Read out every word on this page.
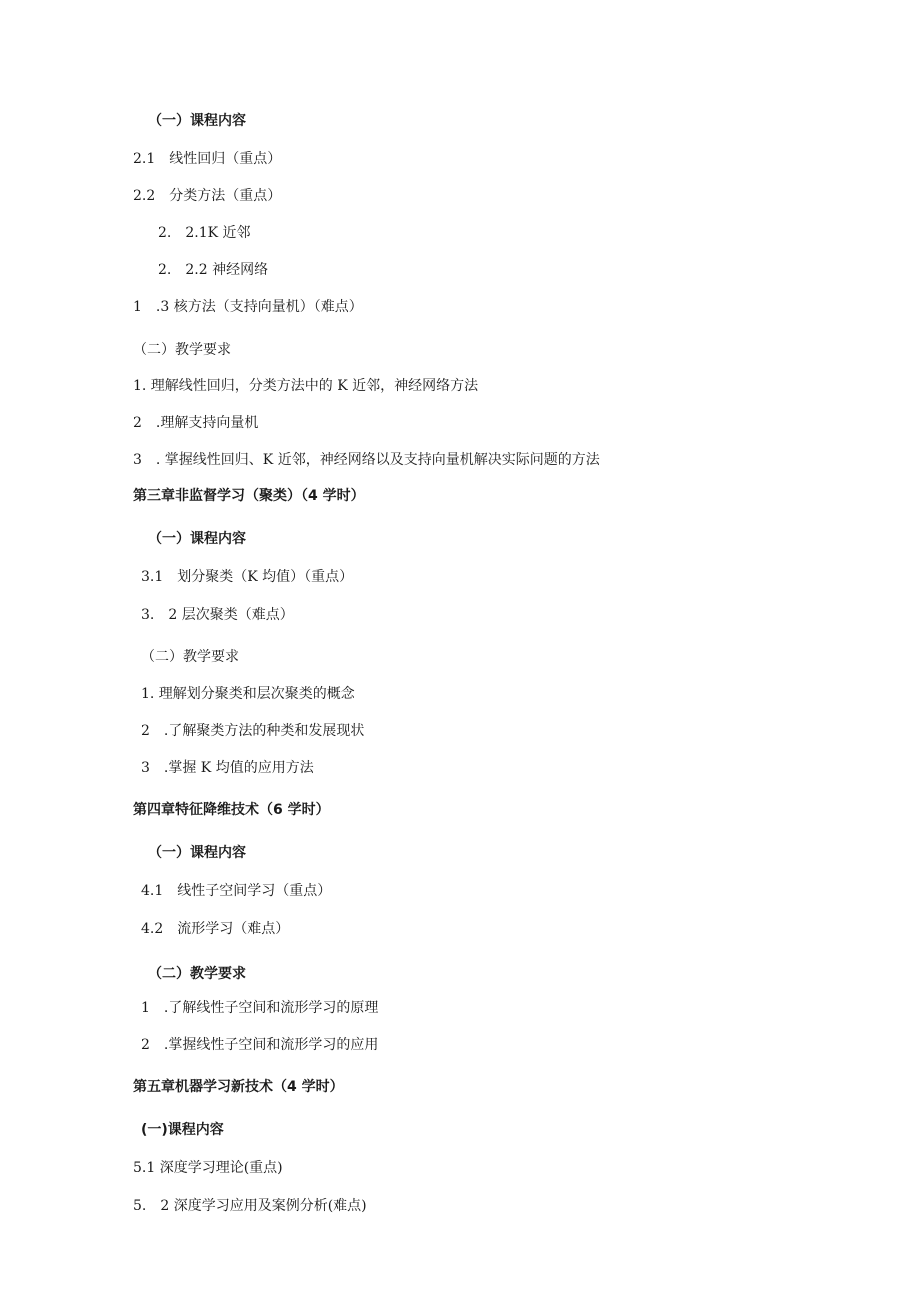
（一）课程内容
2.1　线性回归（重点）
2.2　分类方法（重点）
2.　2.1K 近邻
2.　2.2 神经网络
1　.3 核方法（支持向量机）（难点）
（二）教学要求
1. 理解线性回归，分类方法中的 K 近邻，神经网络方法
2　.理解支持向量机
3　. 掌握线性回归、K 近邻，神经网络以及支持向量机解决实际问题的方法
第三章非监督学习（聚类）（4 学时）
（一）课程内容
3.1　划分聚类（K 均值）（重点）
3.　2 层次聚类（难点）
（二）教学要求
1. 理解划分聚类和层次聚类的概念
2　.了解聚类方法的种类和发展现状
3　.掌握 K 均值的应用方法
第四章特征降维技术（6 学时）
（一）课程内容
4.1　线性子空间学习（重点）
4.2　流形学习（难点）
（二）教学要求
1　.了解线性子空间和流形学习的原理
2　.掌握线性子空间和流形学习的应用
第五章机器学习新技术（4 学时）
(一)课程内容
5.1 深度学习理论(重点)
5.　2 深度学习应用及案例分析(难点)
